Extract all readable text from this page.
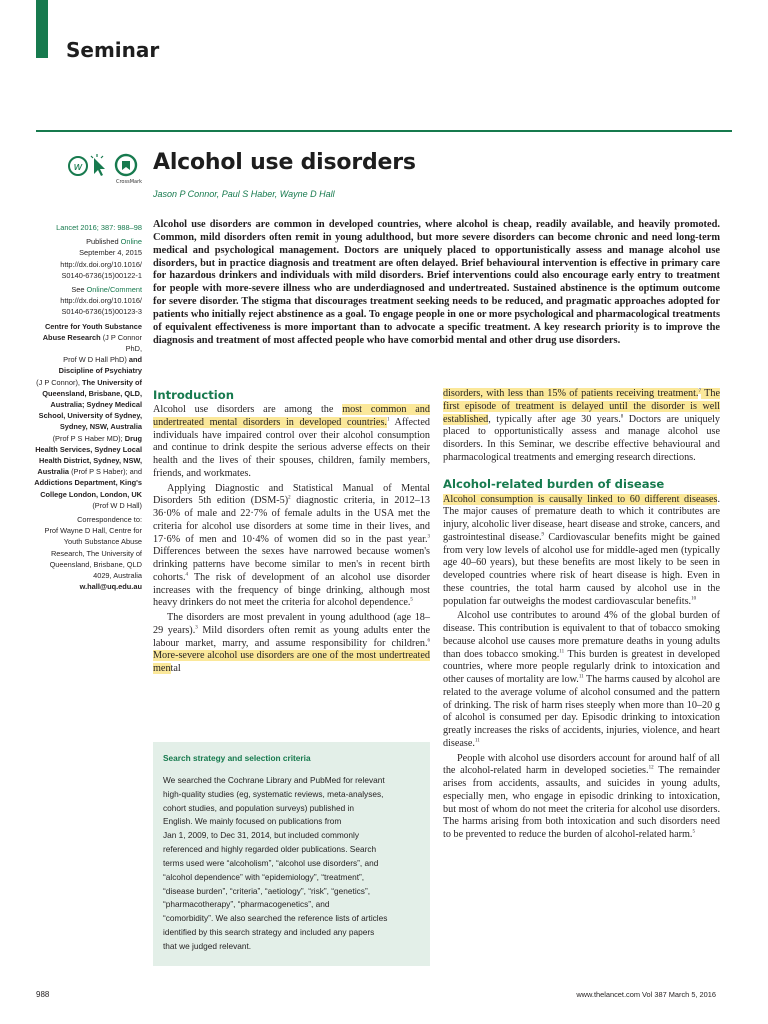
Seminar
w
CrossMark
Alcohol use disorders
Jason P Connor, Paul S Haber, Wayne D Hall
Lancet 2016; 387: 988–98
Published Online
September 4, 2015
http://dx.doi.org/10.1016/
S0140-6736(15)00122-1
See Online/Comment
http://dx.doi.org/10.1016/
S0140-6736(15)00123-3
Centre for Youth Substance
Abuse Research (J P Connor PhD,
Prof W D Hall PhD) and
Discipline of Psychiatry
(J P Connor), The University of
Queensland, Brisbane, QLD,
Australia; Sydney Medical
School, University of Sydney,
Sydney, NSW, Australia
(Prof P S Haber MD); Drug
Health Services, Sydney Local
Health District, Sydney, NSW,
Australia (Prof P S Haber); and
Addictions Department, King's
College London, London, UK
(Prof W D Hall)
Correspondence to:
Prof Wayne D Hall, Centre for
Youth Substance Abuse
Research, The University of
Queensland, Brisbane, QLD
4029, Australia
w.hall@uq.edu.au
Alcohol use disorders are common in developed countries, where alcohol is cheap, readily available, and heavily promoted. Common, mild disorders often remit in young adulthood, but more severe disorders can become chronic and need long-term medical and psychological management. Doctors are uniquely placed to opportunistically assess and manage alcohol use disorders, but in practice diagnosis and treatment are often delayed. Brief behavioural intervention is effective in primary care for hazardous drinkers and individuals with mild disorders. Brief interventions could also encourage early entry to treatment for people with more-severe illness who are underdiagnosed and undertreated. Sustained abstinence is the optimum outcome for severe disorder. The stigma that discourages treatment seeking needs to be reduced, and pragmatic approaches adopted for patients who initially reject abstinence as a goal. To engage people in one or more psychological and pharmacological treatments of equivalent effectiveness is more important than to advocate a specific treatment. A key research priority is to improve the diagnosis and treatment of most affected people who have comorbid mental and other drug use disorders.
Introduction

Alcohol use disorders are among the most common and undertreated mental disorders in developed countries.$^1$ Affected individuals have impaired control over their alcohol consumption and continue to drink despite the serious adverse effects on their health and the lives of their spouses, children, family members, friends, and workmates.

Applying Diagnostic and Statistical Manual of Mental Disorders 5th edition $(DSM-5)^2$ diagnostic criteria, in 2012–13 36·0% of male and 22·7% of female adults in the USA met the criteria for alcohol use disorders at some time in their lives, and 17·6% of men and 10·4% of women did so in the past year.$^3$ Differences between the sexes have narrowed because women's drinking patterns have become similar to men's in recent birth cohorts.$^4$ The risk of development of an alcohol use disorder increases with the frequency of binge drinking, although most heavy drinkers do not meet the criteria for alcohol dependence.$^5$

The disorders are most prevalent in young adulthood (age 18–29 years).$^3$ Mild disorders often remit as young adults enter the labour market, marry, and assume responsibility for children.$^6$ More-severe alcohol use disorders are one of the most undertreated mental

Search strategy and selection criteria
We searched the Cochrane Library and PubMed for relevant
high-quality studies (eg, systematic reviews, meta-analyses,
cohort studies, and population surveys) published in
English. We mainly focused on publications from
Jan 1, 2009, to Dec 31, 2014, but included commonly
referenced and highly regarded older publications. Search
terms used were “alcoholism”, “alcohol use disorders”, and
“alcohol dependence” with “epidemiology”, “treatment”,
“disease burden”, “criteria”, “aetiology”, “risk”, “genetics”,
“pharmacotherapy”, “pharmacogenetics”, and
“comorbidity”. We also searched the reference lists of articles
identified by this search strategy and included any papers
that we judged relevant.

disorders, with less than 15% of patients receiving treatment.$^7$ The first episode of treatment is delayed until the disorder is well established, typically after age 30 years.$^8$ Doctors are uniquely placed to opportunistically assess and manage alcohol use disorders. In this Seminar, we describe effective behavioural and pharmacological treatments and emerging research directions.

Alcohol-related burden of disease

Alcohol consumption is causally linked to 60 different diseases. The major causes of premature death to which it contributes are injury, alcoholic liver disease, heart disease and stroke, cancers, and gastrointestinal disease.$^9$ Cardiovascular benefits might be gained from very low levels of alcohol use for middle-aged men (typically age 40–60 years), but these benefits are most likely to be seen in developed countries where risk of heart disease is high. Even in these countries, the total harm caused by alcohol use in the population far outweighs the modest cardiovascular benefits.$^{10}$

Alcohol use contributes to around 4% of the global burden of disease. This contribution is equivalent to that of tobacco smoking because alcohol use causes more premature deaths in young adults than does tobacco smoking.$^{11}$ This burden is greatest in developed countries, where more people regularly drink to intoxication and other causes of mortality are low.$^{11}$ The harms caused by alcohol are related to the average volume of alcohol consumed and the pattern of drinking. The risk of harm rises steeply when more than 10–20 g of alcohol is consumed per day. Episodic drinking to intoxication greatly increases the risks of accidents, injuries, violence, and heart disease.$^{11}$

People with alcohol use disorders account for around half of all the alcohol-related harm in developed societies.$^{12}$ The remainder arises from accidents, assaults, and suicides in young adults, especially men, who engage in episodic drinking to intoxication, but most of whom do not meet the criteria for alcohol use disorders. The harms arising from both intoxication and such disorders need to be prevented to reduce the burden of alcohol-related harm.$^5$

988	www.thelancet.com Vol 387 March 5, 2016
